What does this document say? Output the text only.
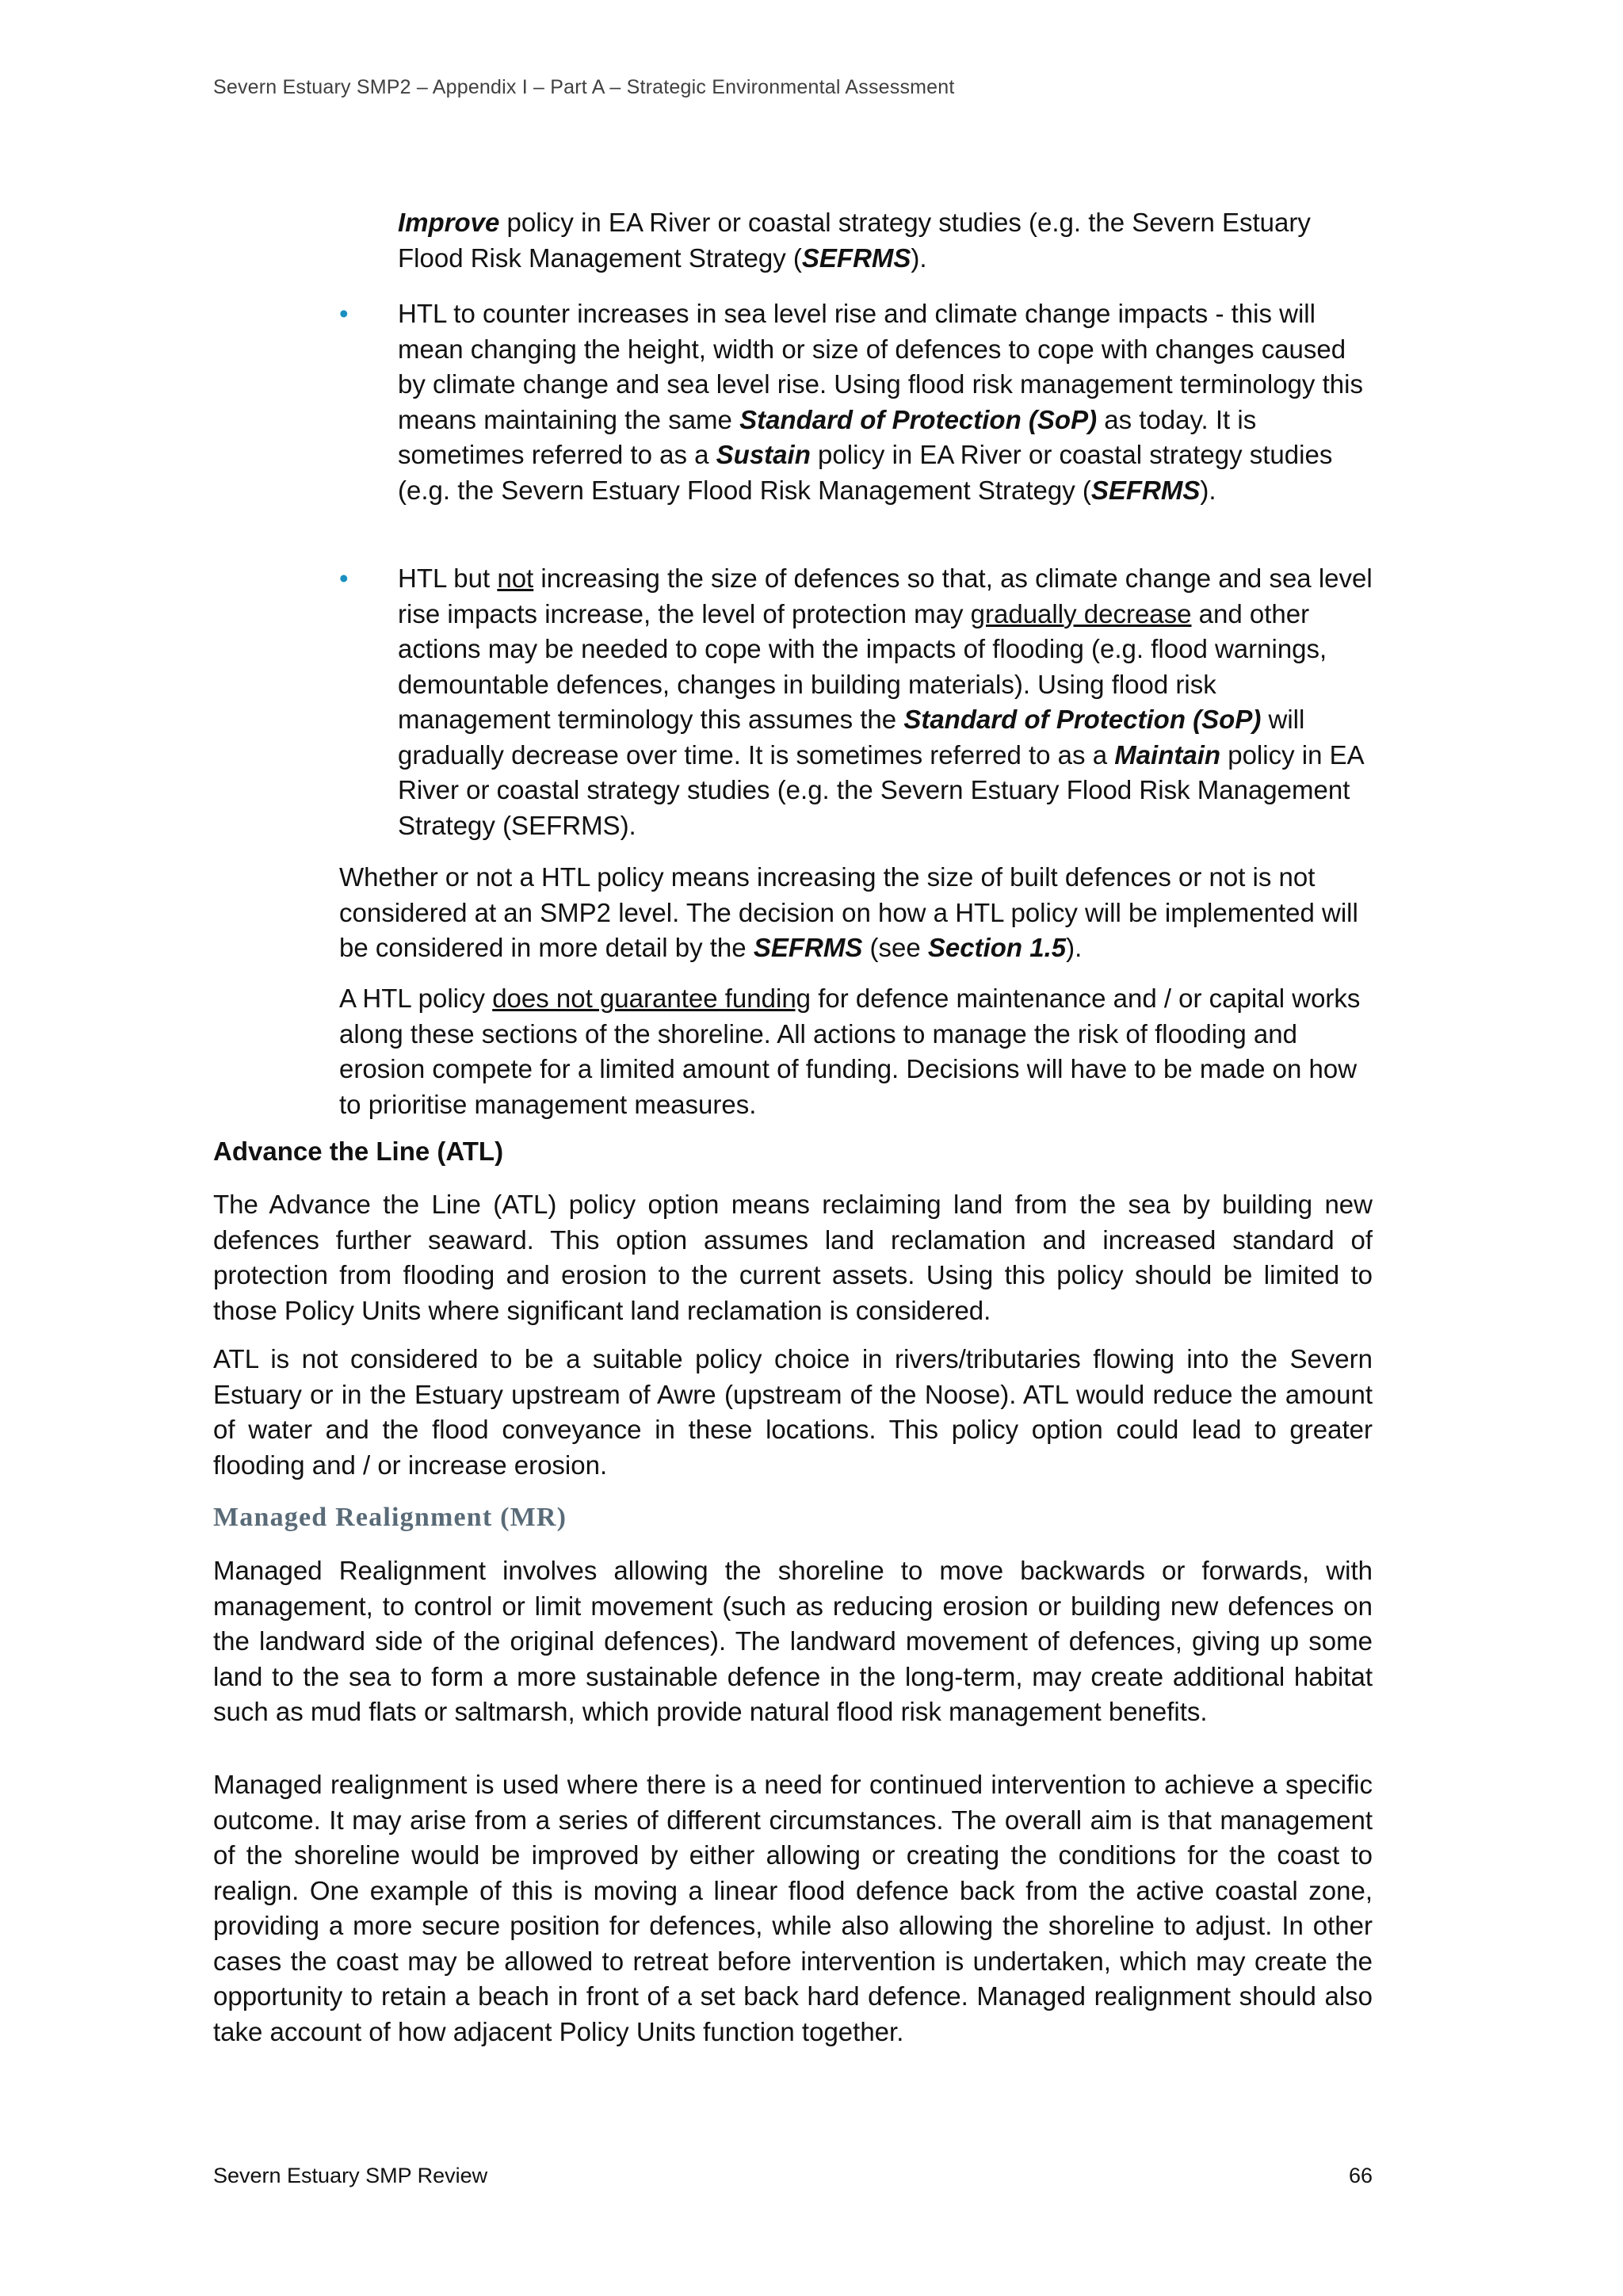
Severn Estuary SMP2 – Appendix I – Part A – Strategic Environmental Assessment

Improve policy in EA River or coastal strategy studies (e.g. the Severn Estuary Flood Risk Management Strategy (SEFRMS).

•	HTL to counter increases in sea level rise and climate change impacts - this will mean changing the height, width or size of defences to cope with changes caused by climate change and sea level rise. Using flood risk management terminology this means maintaining the same Standard of Protection (SoP) as today. It is sometimes referred to as a Sustain policy in EA River or coastal strategy studies (e.g. the Severn Estuary Flood Risk Management Strategy (SEFRMS).

•	HTL but not increasing the size of defences so that, as climate change and sea level rise impacts increase, the level of protection may gradually decrease and other actions may be needed to cope with the impacts of flooding (e.g. flood warnings, demountable defences, changes in building materials). Using flood risk management terminology this assumes the Standard of Protection (SoP) will gradually decrease over time. It is sometimes referred to as a Maintain policy in EA River or coastal strategy studies (e.g. the Severn Estuary Flood Risk Management Strategy (SEFRMS).

Whether or not a HTL policy means increasing the size of built defences or not is not considered at an SMP2 level. The decision on how a HTL policy will be implemented will be considered in more detail by the SEFRMS (see Section 1.5).

A HTL policy does not guarantee funding for defence maintenance and / or capital works along these sections of the shoreline. All actions to manage the risk of flooding and erosion compete for a limited amount of funding. Decisions will have to be made on how to prioritise management measures.

Advance the Line (ATL)

The Advance the Line (ATL) policy option means reclaiming land from the sea by building new defences further seaward. This option assumes land reclamation and increased standard of protection from flooding and erosion to the current assets. Using this policy should be limited to those Policy Units where significant land reclamation is considered.

ATL is not considered to be a suitable policy choice in rivers/tributaries flowing into the Severn Estuary or in the Estuary upstream of Awre (upstream of the Noose). ATL would reduce the amount of water and the flood conveyance in these locations. This policy option could lead to greater flooding and / or increase erosion.

Managed Realignment (MR)

Managed Realignment involves allowing the shoreline to move backwards or forwards, with management, to control or limit movement (such as reducing erosion or building new defences on the landward side of the original defences). The landward movement of defences, giving up some land to the sea to form a more sustainable defence in the long-term, may create additional habitat such as mud flats or saltmarsh, which provide natural flood risk management benefits.

Managed realignment is used where there is a need for continued intervention to achieve a specific outcome. It may arise from a series of different circumstances. The overall aim is that management of the shoreline would be improved by either allowing or creating the conditions for the coast to realign. One example of this is moving a linear flood defence back from the active coastal zone, providing a more secure position for defences, while also allowing the shoreline to adjust. In other cases the coast may be allowed to retreat before intervention is undertaken, which may create the opportunity to retain a beach in front of a set back hard defence. Managed realignment should also take account of how adjacent Policy Units function together.

Severn Estuary SMP Review	66
